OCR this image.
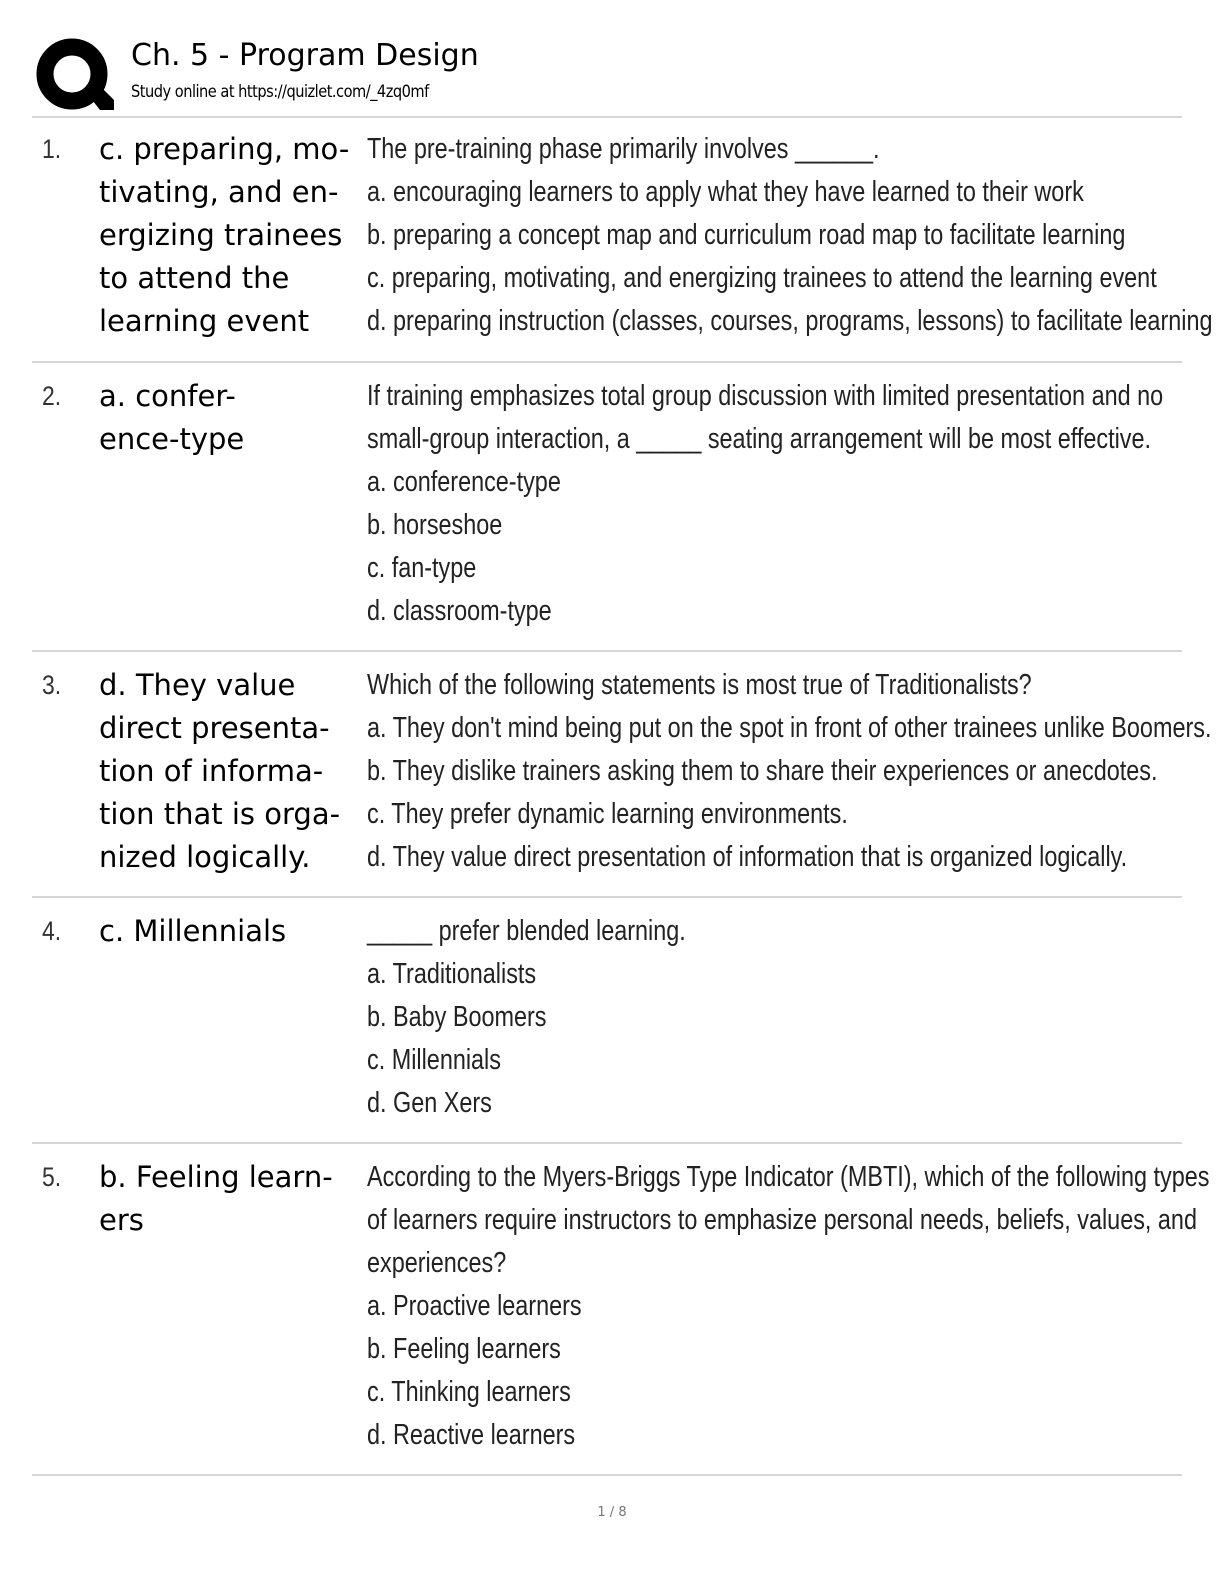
Ch. 5 - Program Design
Study online at https://quizlet.com/_4zq0mf
1. c. preparing, mo-
tivating, and en-
ergizing trainees
to attend the
learning event
The pre-training phase primarily involves ______.
a. encouraging learners to apply what they have learned to their work
b. preparing a concept map and curriculum road map to facilitate learning
c. preparing, motivating, and energizing trainees to attend the learning event
d. preparing instruction (classes, courses, programs, lessons) to facilitate learning
2. a. confer-
ence-type
If training emphasizes total group discussion with limited presentation and no
small-group interaction, a _____ seating arrangement will be most effective.
a. conference-type
b. horseshoe
c. fan-type
d. classroom-type
3. d. They value
direct presenta-
tion of informa-
tion that is orga-
nized logically.
Which of the following statements is most true of Traditionalists?
a. They don't mind being put on the spot in front of other trainees unlike Boomers.
b. They dislike trainers asking them to share their experiences or anecdotes.
c. They prefer dynamic learning environments.
d. They value direct presentation of information that is organized logically.
4. c. Millennials	_____ prefer blended learning.
a. Traditionalists
b. Baby Boomers
c. Millennials
d. Gen Xers
5. b. Feeling learn-
ers
According to the Myers-Briggs Type Indicator (MBTI), which of the following types
of learners require instructors to emphasize personal needs, beliefs, values, and
experiences?
a. Proactive learners
b. Feeling learners
c. Thinking learners
d. Reactive learners
1 / 8
